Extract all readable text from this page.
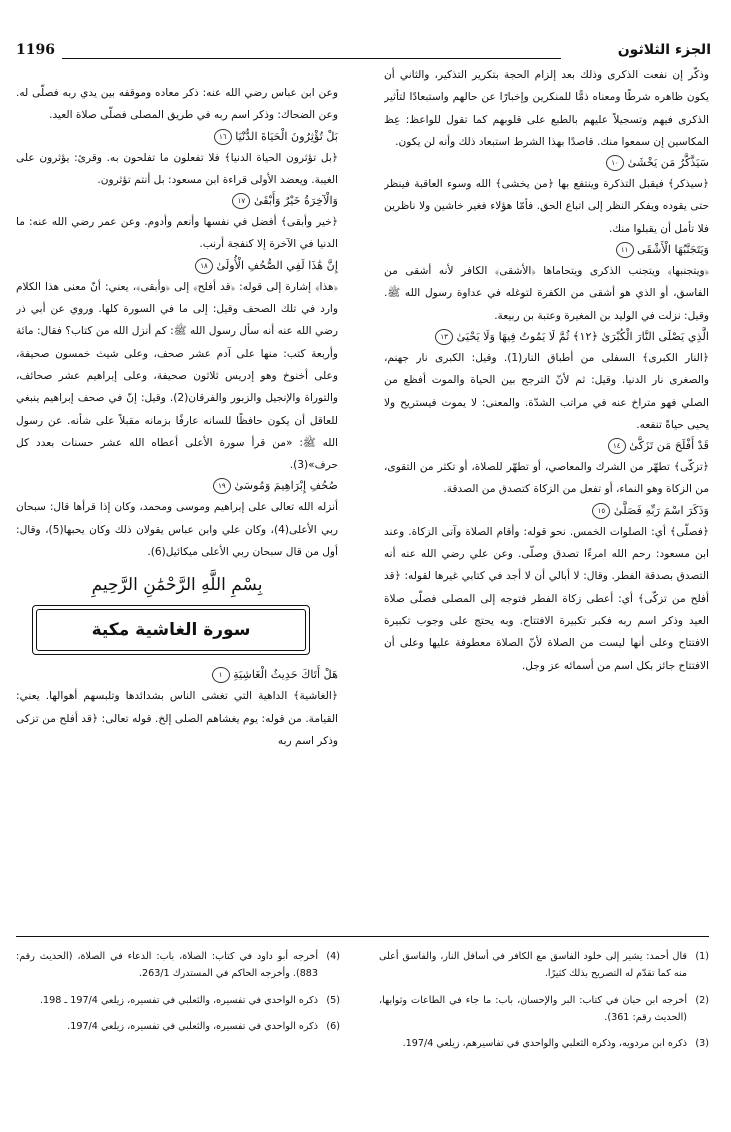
الجزء الثلاثون
1196

وذكّر إن نفعت الذكرى وذلك بعد إلزام الحجة بتكرير التذكير، والثاني أن يكون ظاهره شرطًا ومعناه ذمًّا للمنكرين وإخبارًا عن حالهم واستبعادًا لتأثير الذكرى فيهم وتسجيلاً عليهم بالطبع على قلوبهم كما تقول للواعظ: عِظ المكاسين إن سمعوا منك. قاصدًا بهذا الشرط استبعاد ذلك وأنه لن يكون.

سَيَذَّكَّرُ مَن يَخْشَىٰ ١٠

﴿سيذكر﴾ فيقبل التذكرة وينتفع بها ﴿من يخشى﴾ الله وسوء العاقبة فينظر حتى يقوده ويفكر النظر إلى اتباع الحق. فأمّا هؤلاء فغير خاشين ولا ناظرين فلا تأمل أن يقبلوا منك.

وَيَتَجَنَّبُهَا الْأَشْقَى ١١

﴿ويتجنبها﴾ ويتجنب الذكرى ويتحاماها ﴿الأشقى﴾ الكافر لأنه أشقى من الفاسق، أو الذي هو أشقى من الكفرة لتوغله في عداوة رسول الله ﷺ. وقيل: نزلت في الوليد بن المغيرة وعتبة بن ربيعة.

الَّذِي يَصْلَى النَّارَ الْكُبْرَىٰ ﴿١٢﴾ ثُمَّ لَا يَمُوتُ فِيهَا وَلَا يَحْيَىٰ ١٣

﴿النار الكبرى﴾ السفلى من أطباق النار(1). وقيل: الكبرى نار جهنم، والصغرى نار الدنيا. وقيل: ثم لأنّ الترجح بين الحياة والموت أفظع من الصلي فهو متراخ عنه في مراتب الشدّة. والمعنى: لا يموت فيستريح ولا يحيى حياةً تنفعه.

قَدْ أَفْلَحَ مَن تَزَكَّىٰ ١٤

﴿تزكّى﴾ تطهّر من الشرك والمعاصي، أو تطهّر للصلاة، أو تكثر من التقوى، من الزكاة وهو النماء، أو تفعل من الزكاة كتصدق من الصدقة.

وَذَكَرَ اسْمَ رَبِّهِ فَصَلَّىٰ ١٥

﴿فصلّى﴾ أي: الصلوات الخمس. نحو قوله: وأقام الصلاة وآتى الزكاة. وعند ابن مسعود: رحم الله امرءًا تصدق وصلّى. وعن علي رضي الله عنه أنه التصدق بصدقة الفطر. وقال: لا أبالي أن لا أجد في كتابي غيرها لقوله: ﴿قد أفلح من تزكّى﴾ أي: أعطى زكاة الفطر فتوجه إلى المصلى فصلّى صلاة العيد وذكر اسم ربه فكبر تكبيرة الافتتاح. وبه يحتج على وجوب تكبيرة الافتتاح وعلى أنها ليست من الصلاة لأنّ الصلاة معطوفة عليها وعلى أن الافتتاح جائز بكل اسم من أسمائه عز وجل.

وعن ابن عباس رضي الله عنه: ذكر معاده وموقفه بين يدي ربه فصلّى له. وعن الضحاك: وذكر اسم ربه في طريق المصلى فصلّى صلاة العيد.

بَلْ تُؤْثِرُونَ الْحَيَاةَ الدُّنْيَا ١٦

﴿بل تؤثرون الحياة الدنيا﴾ فلا تفعلون ما تفلحون به. وقرئ: يؤثرون على الغيبة. ويعضد الأولى قراءة ابن مسعود: بل أنتم تؤثرون.

وَالْآخِرَةُ خَيْرٌ وَأَبْقَىٰ ١٧

﴿خير وأبقى﴾ أفضل في نفسها وأنعم وأدوم. وعن عمر رضي الله عنه: ما الدنيا في الآخرة إلا كنفجة أرنب.

إِنَّ هَٰذَا لَفِي الصُّحُفِ الْأُولَىٰ ١٨

﴿هذا﴾ إشارة إلى قوله: ﴿قد أفلح﴾ إلى ﴿وأبقى﴾، يعني: أنّ معنى هذا الكلام وارد في تلك الصحف وقيل: إلى ما في السورة كلها. وروي عن أبي ذر رضي الله عنه أنه سأل رسول الله ﷺ: كم أنزل الله من كتاب؟ فقال: مائة وأربعة كتب: منها على آدم عشر صحف، وعلى شيث خمسون صحيفة، وعلى أخنوخ وهو إدريس ثلاثون صحيفة، وعلى إبراهيم عشر صحائف، والتوراة والإنجيل والزبور والفرقان(2). وقيل: إنّ في صحف إبراهيم ينبغي للعاقل أن يكون حافظًا للسانه عارفًا بزمانه مقبلاً على شأنه. عن رسول الله ﷺ: «من قرأ سورة الأعلى أعطاه الله عشر حسنات بعدد كل حرف»(3).

صُحُفِ إِبْرَاهِيمَ وَمُوسَىٰ ١٩

أنزله الله تعالى على إبراهيم وموسى ومحمد، وكان إذا قرأها قال: سبحان ربي الأعلى(4)، وكان علي وابن عباس يقولان ذلك وكان يحبها(5)، وقال: أول من قال سبحان ربي الأعلى ميكائيل(6).

بِسْمِ اللَّهِ الرَّحْمَٰنِ الرَّحِيمِ
سورة الغاشية مكية

هَلْ أَتَاكَ حَدِيثُ الْغَاشِيَةِ ١

﴿الغاشية﴾ الداهية التي تغشى الناس بشدائدها وتلبسهم أهوالها. يعني: القيامة. من قوله: يوم يغشاهم الصلى إلخ. قوله تعالى: ﴿قد أفلح من تزكى وذكر اسم ربه

(1)
قال أحمد: يشير إلى خلود الفاسق مع الكافر في أسافل النار، والفاسق أعلى منه كما تقدّم له التصريح بذلك كثيرًا.
(2)
أخرجه ابن حبان في كتاب: البر والإحسان، باب: ما جاء في الطاعات وثوابها، (الحديث رقم: 361).
(3)
ذكره ابن مردويه، وذكره الثعلبي والواحدي في تفاسيرهم، زيلعي 197/4.
(4)
أخرجه أبو داود في كتاب: الصلاة، باب: الدعاء في الصلاة، (الحديث رقم: 883). وأخرجه الحاكم في المستدرك 263/1.
(5)
ذكره الواحدي في تفسيره، والثعلبي في تفسيره، زيلعي 197/4 ـ 198.
(6)
ذكره الواحدي في تفسيره، والثعلبي في تفسيره، زيلعي 197/4.
